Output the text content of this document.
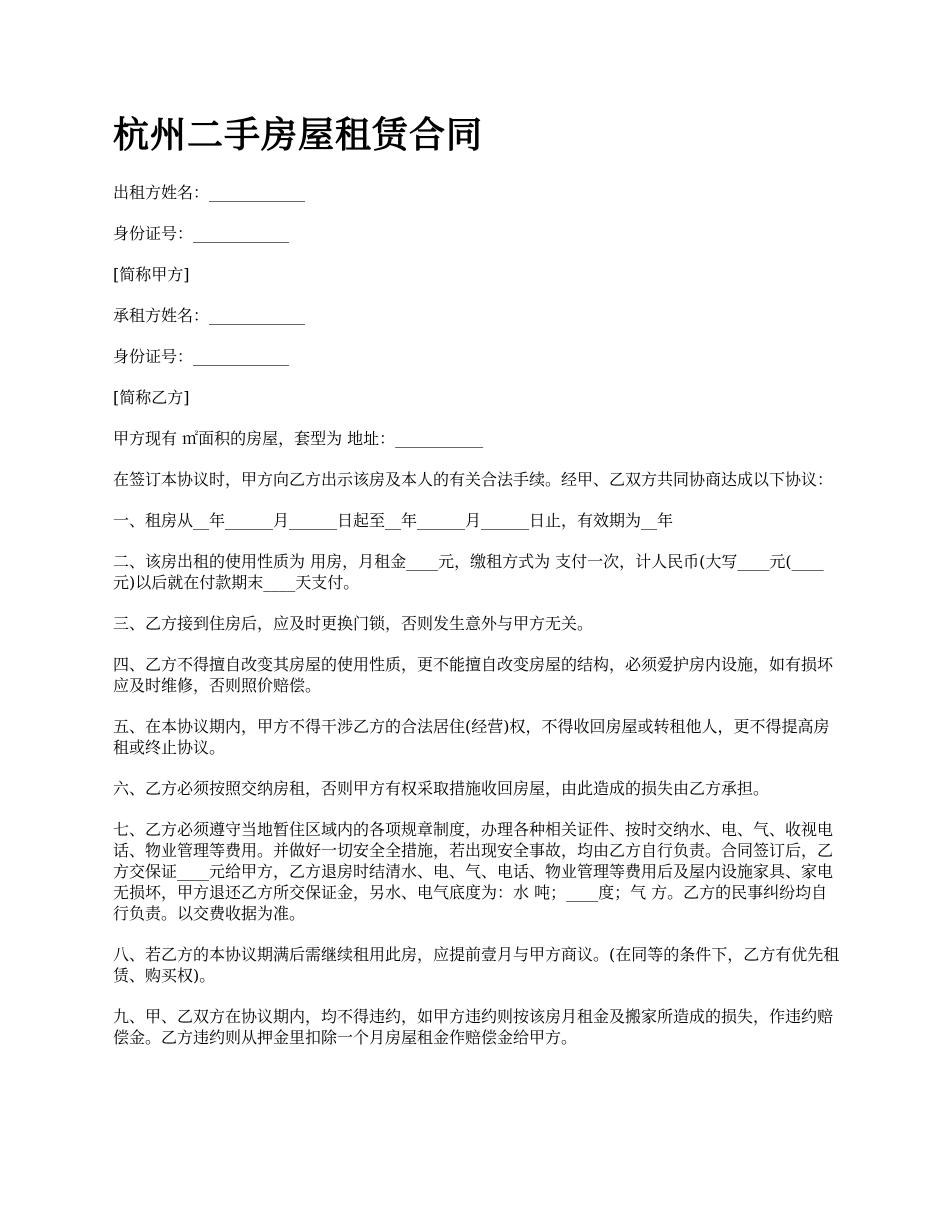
杭州二手房屋租赁合同

出租方姓名：____________

身份证号：____________

[简称甲方]

承租方姓名：____________

身份证号：____________

[简称乙方]

甲方现有 ㎡面积的房屋，套型为 地址：___________

在签订本协议时，甲方向乙方出示该房及本人的有关合法手续。经甲、乙双方共同协商达成以下协议：

一、租房从__年______月______日起至__年______月______日止，有效期为__年

二、该房出租的使用性质为 用房，月租金____元，缴租方式为 支付一次，计人民币(大写____元(____元)以后就在付款期末____天支付。

三、乙方接到住房后，应及时更换门锁，否则发生意外与甲方无关。

四、乙方不得擅自改变其房屋的使用性质，更不能擅自改变房屋的结构，必须爱护房内设施，如有损坏应及时维修，否则照价赔偿。

五、在本协议期内，甲方不得干涉乙方的合法居住(经营)权，不得收回房屋或转租他人，更不得提高房租或终止协议。

六、乙方必须按照交纳房租，否则甲方有权采取措施收回房屋，由此造成的损失由乙方承担。

七、乙方必须遵守当地暂住区域内的各项规章制度，办理各种相关证件、按时交纳水、电、气、收视电话、物业管理等费用。并做好一切安全全措施，若出现安全事故，均由乙方自行负责。合同签订后，乙方交保证____元给甲方，乙方退房时结清水、电、气、电话、物业管理等费用后及屋内设施家具、家电无损坏，甲方退还乙方所交保证金，另水、电气底度为：水 吨；____度；气 方。乙方的民事纠纷均自行负责。以交费收据为准。

八、若乙方的本协议期满后需继续租用此房，应提前壹月与甲方商议。(在同等的条件下，乙方有优先租赁、购买权)。

九、甲、乙双方在协议期内，均不得违约，如甲方违约则按该房月租金及搬家所造成的损失，作违约赔偿金。乙方违约则从押金里扣除一个月房屋租金作赔偿金给甲方。
